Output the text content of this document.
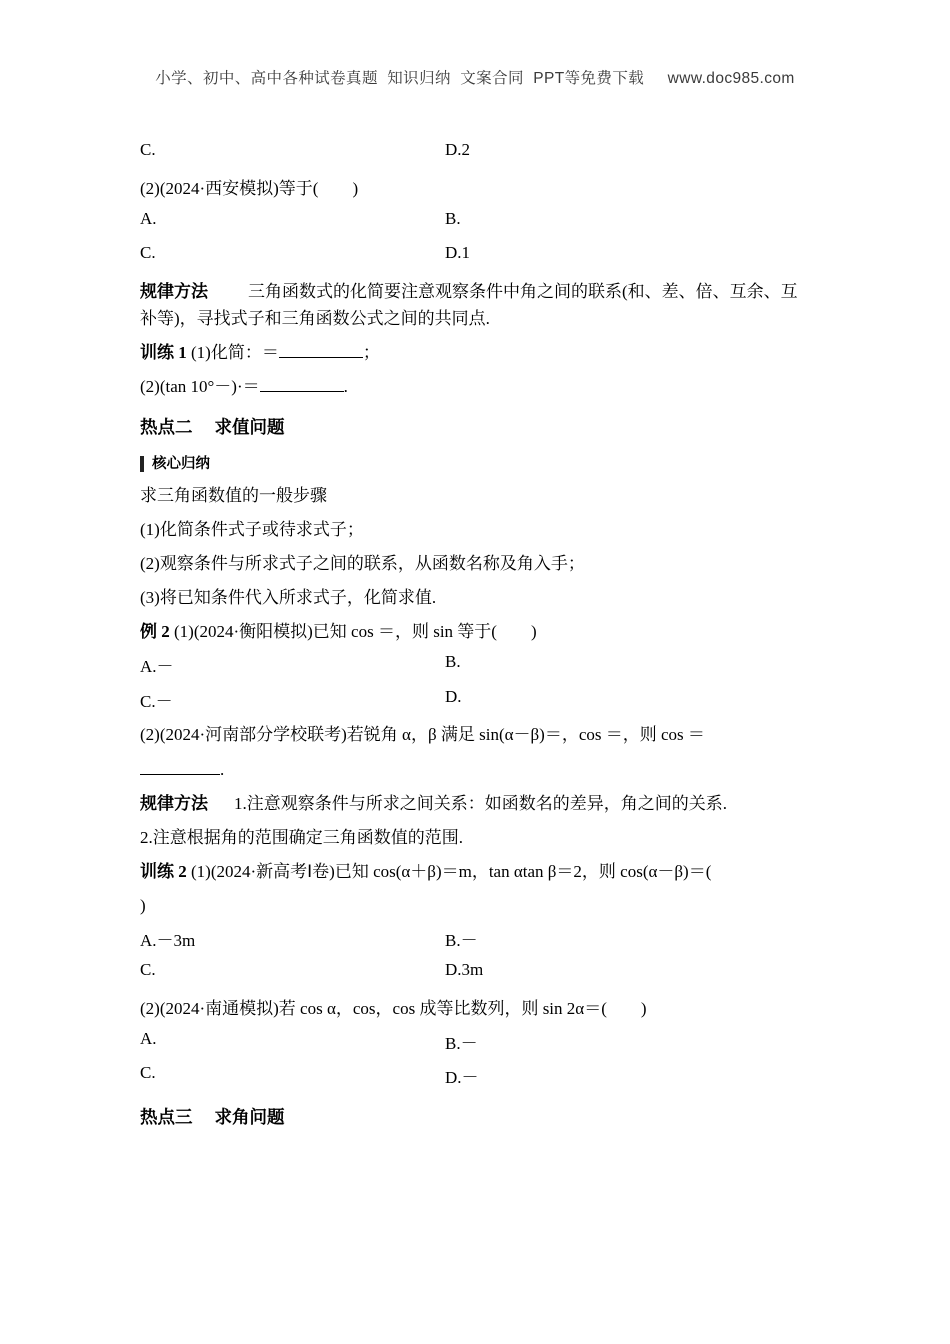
小学、初中、高中各种试卷真题  知识归纳  文案合同  PPT等免费下载     www.doc985.com
C.	D.2
(2)(2024·西安模拟)等于(        )
A.	B.
C.	D.1
规律方法 三角函数式的化简要注意观察条件中角之间的联系(和、差、倍、互余、互补等)，寻找式子和三角函数公式之间的共同点.
训练 1 (1)化简：＝	；
(2)(tan 10°－)·＝	.
热点二 求值问题
核心归纳
求三角函数值的一般步骤
(1)化简条件式子或待求式子；
(2)观察条件与所求式子之间的联系，从函数名称及角入手；
(3)将已知条件代入所求式子，化简求值.
例 2 (1)(2024·衡阳模拟)已知 cos ＝，则 sin 等于(        )
A.－	B.
C.－	D.
(2)(2024·河南部分学校联考)若锐角 α，β 满足 sin(α－β)＝，cos ＝，则 cos ＝
.
规律方法 1.注意观察条件与所求之间关系：如函数名的差异，角之间的关系.
2.注意根据角的范围确定三角函数值的范围.
训练 2 (1)(2024·新高考Ⅰ卷)已知 cos(α＋β)＝m，tan αtan β＝2，则 cos(α－β)＝(
)
A.－3m	B.－
C.	D.3m
(2)(2024·南通模拟)若 cos α，cos，cos 成等比数列，则 sin 2α＝(        )
A.	B.－
C.	D.－
热点三 求角问题
